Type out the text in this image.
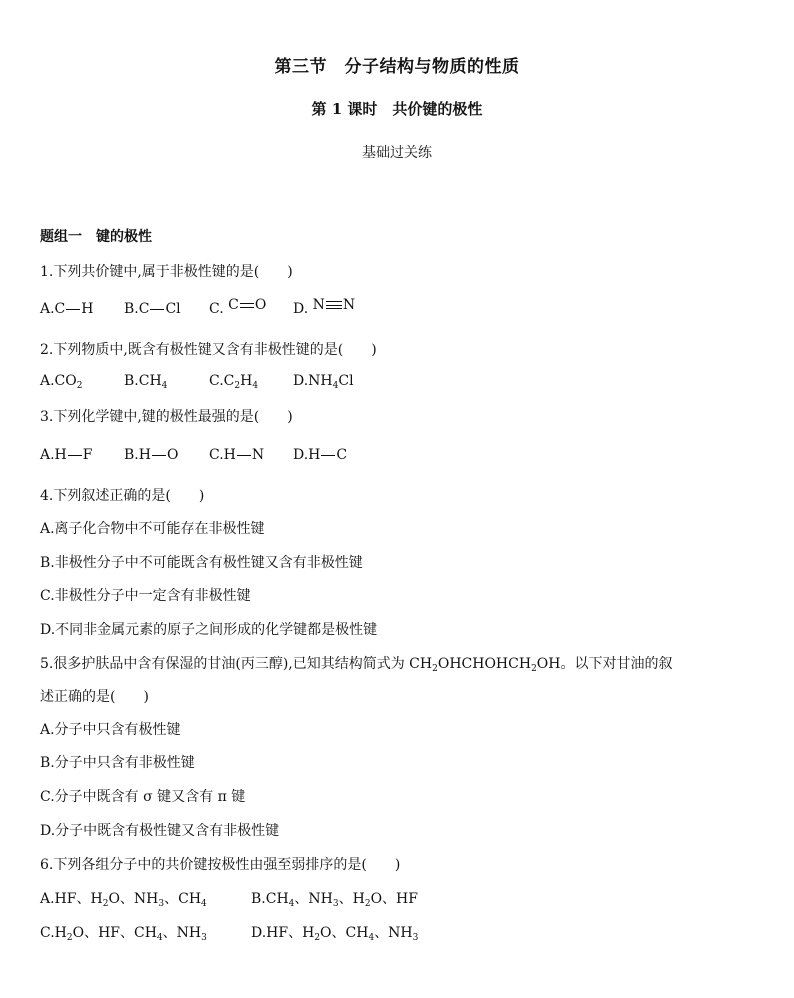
第三节　分子结构与物质的性质
第 1 课时　共价键的极性
基础过关练
题组一　键的极性
1.下列共价键中,属于非极性键的是(　　)
A.C H B.C Cl C. C O D. N N
2.下列物质中,既含有极性键又含有非极性键的是(　　)
$A.CO_2$	$B.CH_4$	$C.C_2H_4$ $D.NH_4Cl$
3.下列化学键中,键的极性最强的是(　　)
A.H F B.H O C.H N D.H C
4.下列叙述正确的是(　　)
A.离子化合物中不可能存在非极性键
B.非极性分子中不可能既含有极性键又含有非极性键
C.非极性分子中一定含有非极性键
D.不同非金属元素的原子之间形成的化学键都是极性键
5.很多护肤品中含有保湿的甘油(丙三醇),已知其结构简式为 $CH_2OHCHOHCH_2OH$。以下对甘油的叙
述正确的是(　　)
A.分子中只含有极性键
B.分子中只含有非极性键
C.分子中既含有 σ 键又含有 π 键
D.分子中既含有极性键又含有非极性键
6.下列各组分子中的共价键按极性由强至弱排序的是(　　)
A.HF、$H_2O$、$NH_3$、$CH_4$	$B.CH_4$、$NH_3$、$H_2O$、HF
$C.H_2O$、HF、$CH_4$、$NH_3$	D.HF、$H_2O$、$CH_4$、$NH_3$
